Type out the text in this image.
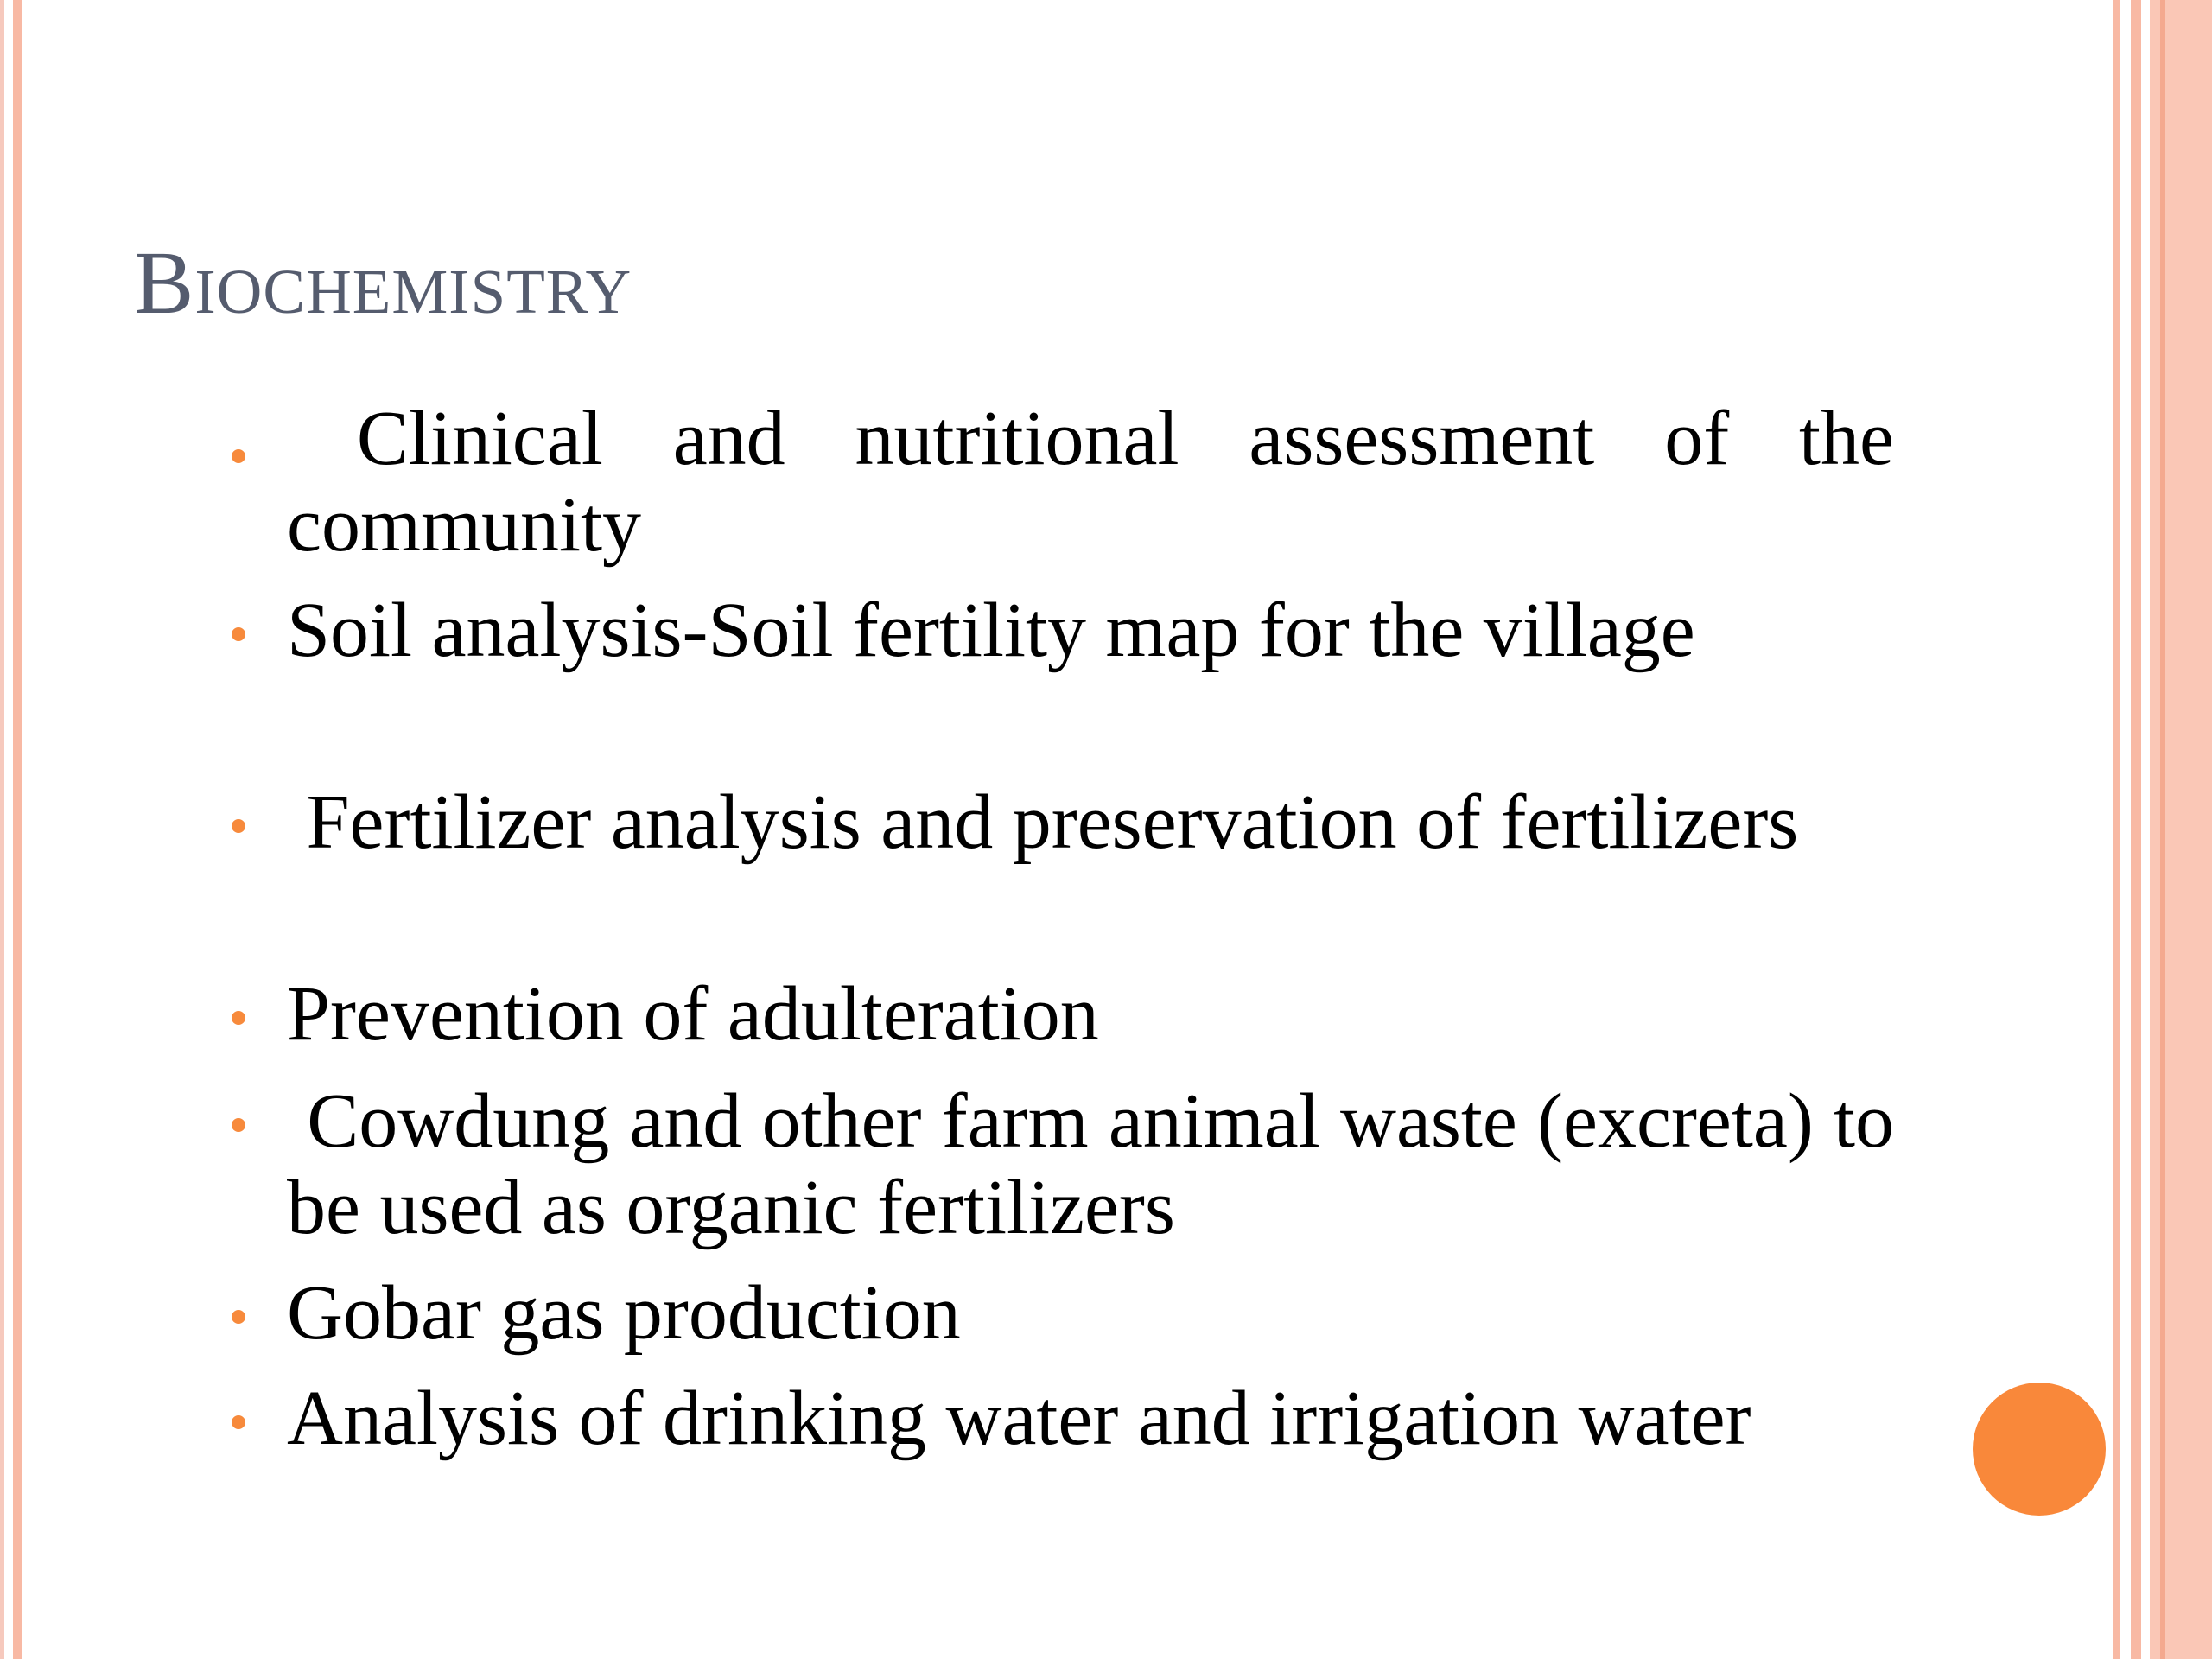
Biochemistry
Clinical and nutritional assessment of the community
Soil analysis-Soil fertility map for the village
Fertilizer analysis and preservation of fertilizers
Prevention of adulteration
Cowdung and other farm animal waste (excreta) to be used as organic fertilizers
Gobar gas production
Analysis of drinking water and irrigation water
